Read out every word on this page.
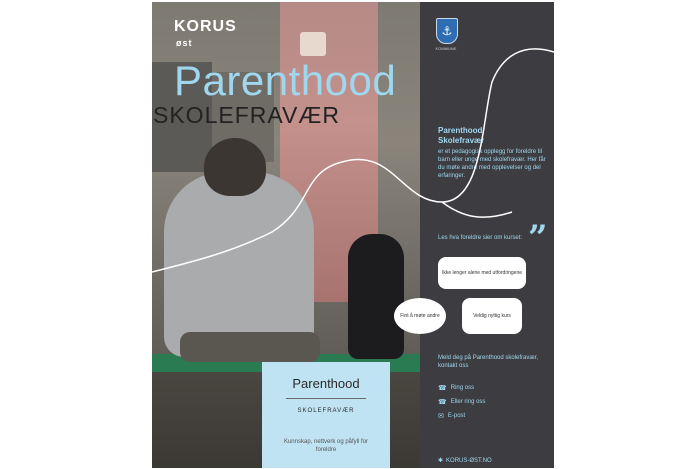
KORUS
øst
SKOLEFRAVÆR
Parenthood
⚓
KOMMUNE
Parenthood
Skolefravær
er et pedagogisk opplegg for foreldre til barn eller unge med skolefravær. Her får du møte andre med opplevelser og del erfaringer.
”
Les hva foreldre sier om kurset:
Ikke lenger alene med utfordringene
Veldig nyttig kurs
Meld deg på Parenthood skolefravær, kontakt oss
☎ Ring oss
☎ Eller ring oss
✉ E-post
✱ KORUS-ØST.NO
Fint å møte andre
Parenthood
SKOLEFRAVÆR
Kunnskap, nettverk og påfyll for foreldre
